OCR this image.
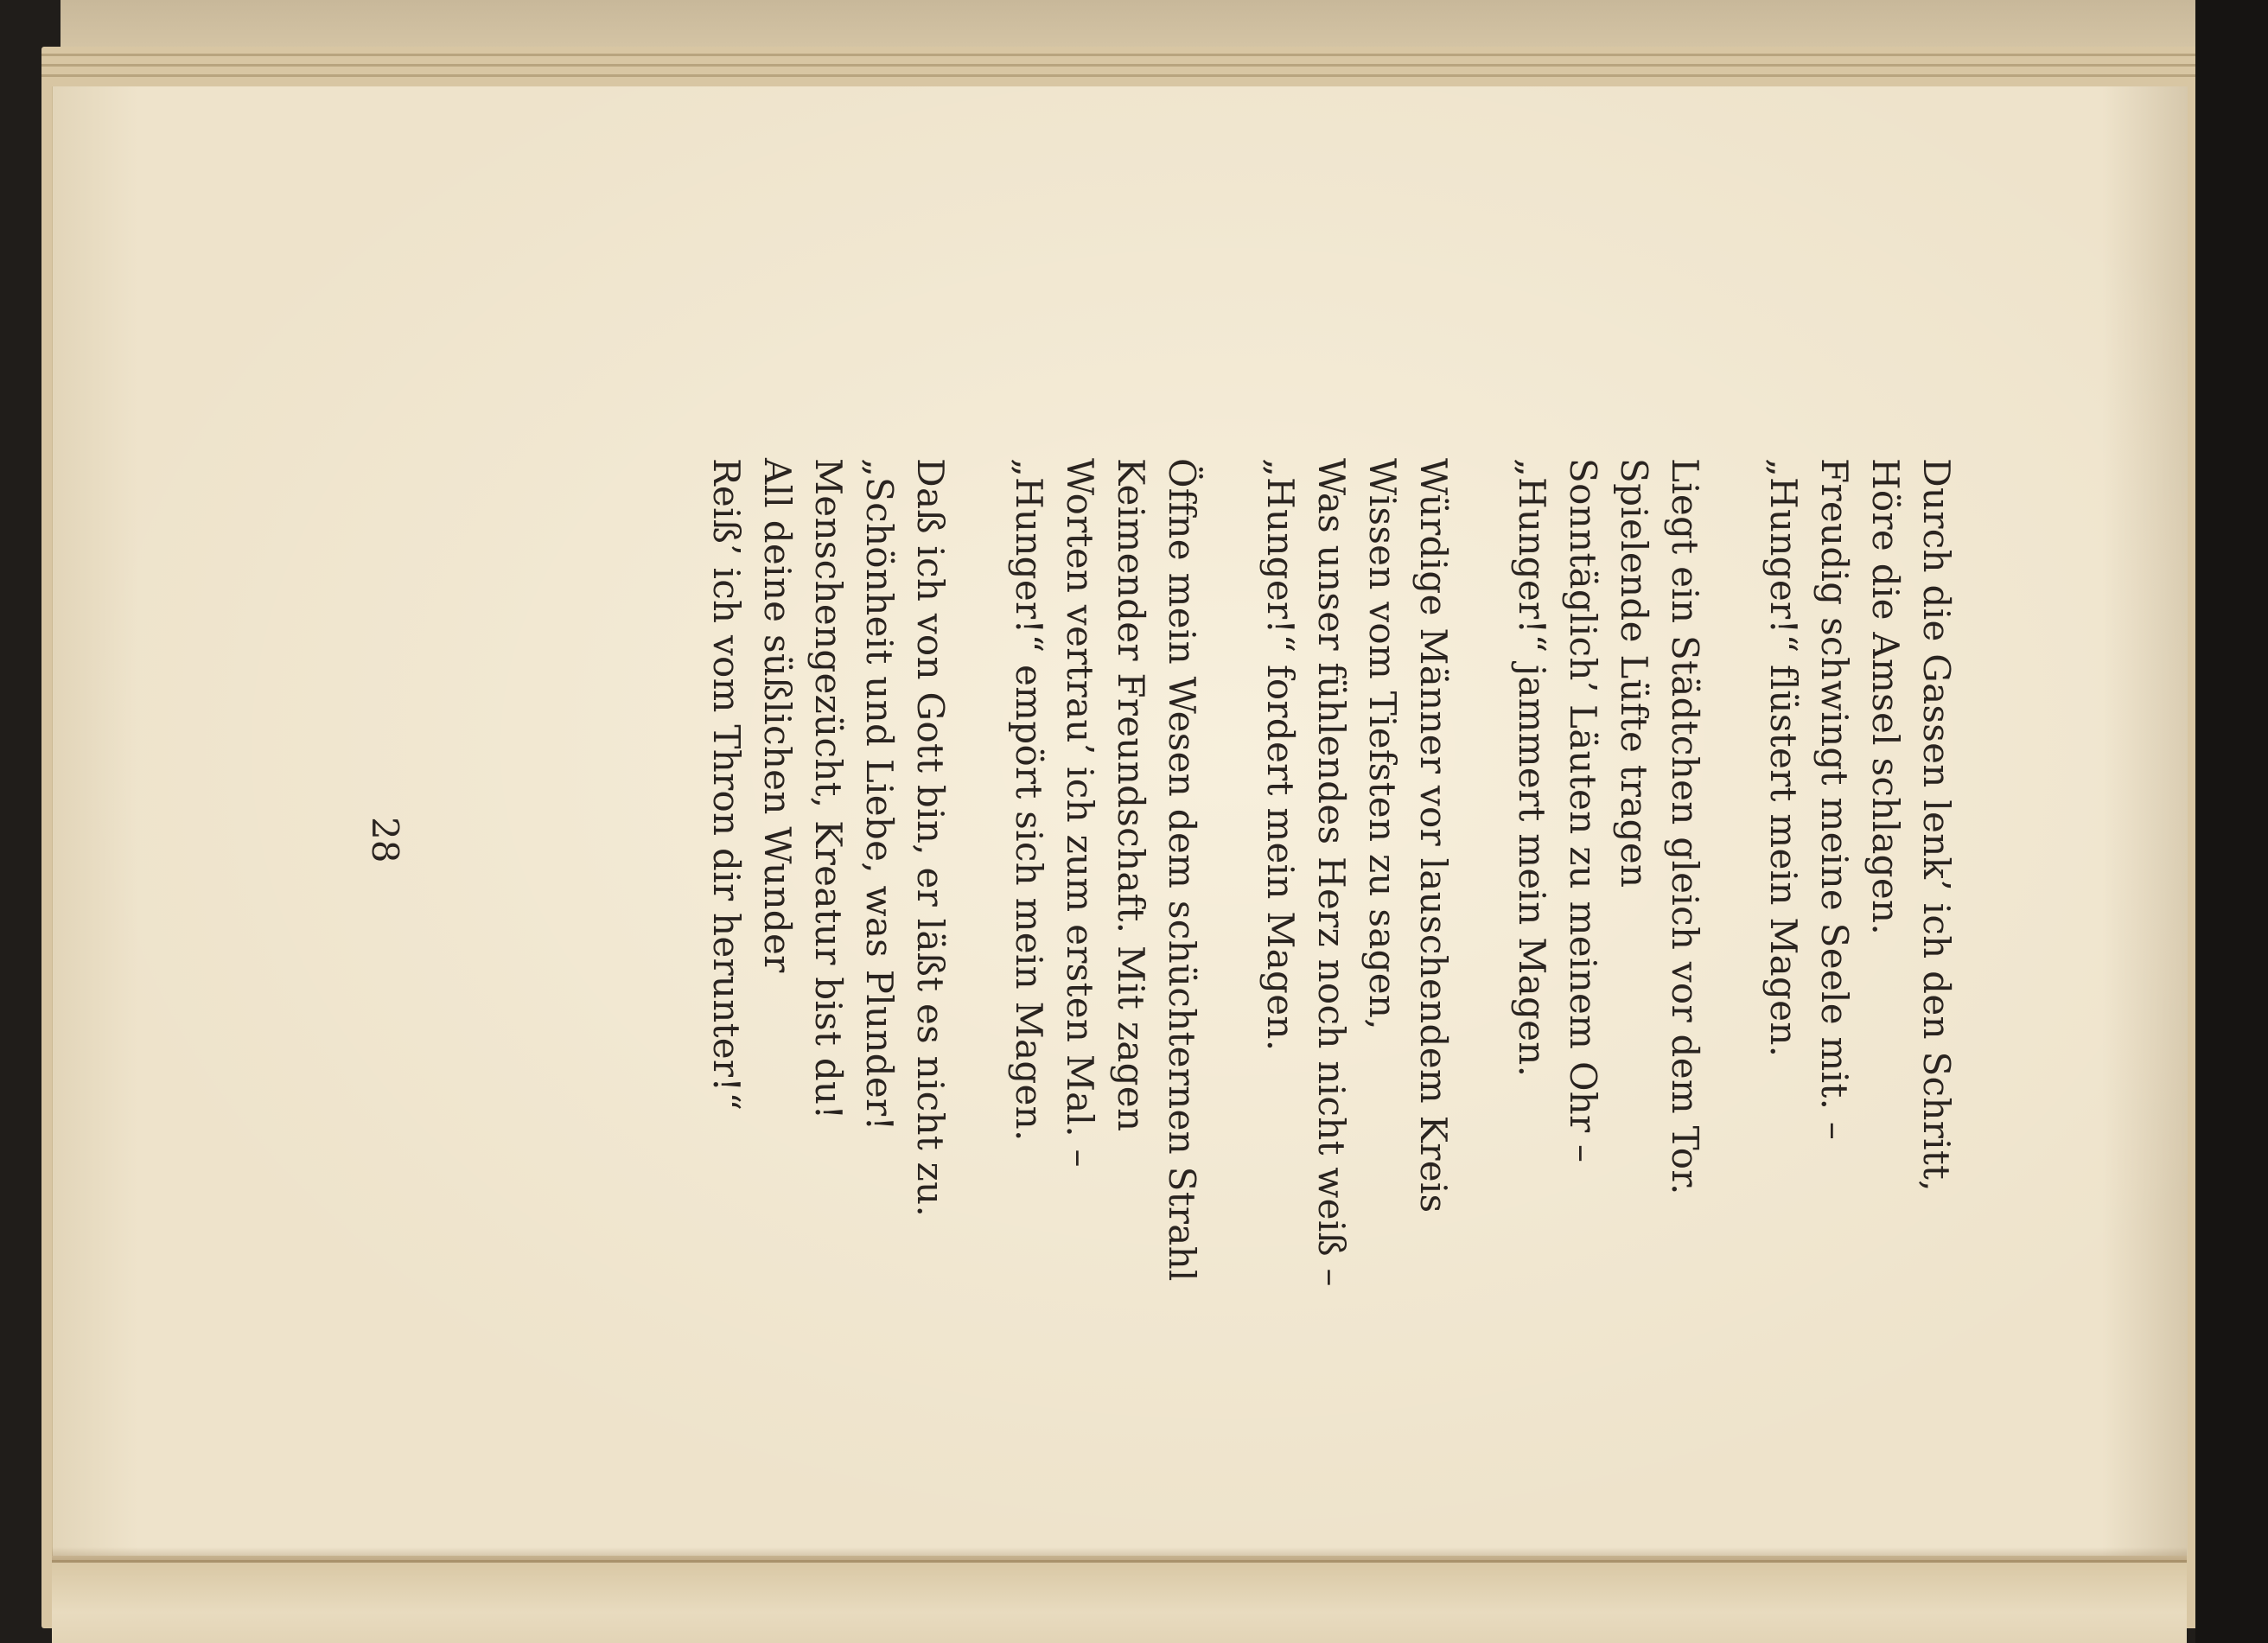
Durch die Gassen lenk’ ich den Schritt,
Höre die Amsel schlagen.
Freudig schwingt meine Seele mit. –
„Hunger!“ flüstert mein Magen.
Liegt ein Städtchen gleich vor dem Tor.
Spielende Lüfte tragen
Sonntäglich’ Läuten zu meinem Ohr –
„Hunger!“ jammert mein Magen.
Würdige Männer vor lauschendem Kreis
Wissen vom Tiefsten zu sagen,
Was unser fühlendes Herz noch nicht weiß –
„Hunger!“ fordert mein Magen.
Öffne mein Wesen dem schüchternen Strahl
Keimender Freundschaft. Mit zagen
Worten vertrau’ ich zum ersten Mal. –
„Hunger!“ empört sich mein Magen.
Daß ich von Gott bin, er läßt es nicht zu.
„Schönheit und Liebe, was Plunder!
Menschengezücht, Kreatur bist du!
All deine süßlichen Wunder
Reiß’ ich vom Thron dir herunter!“
28
